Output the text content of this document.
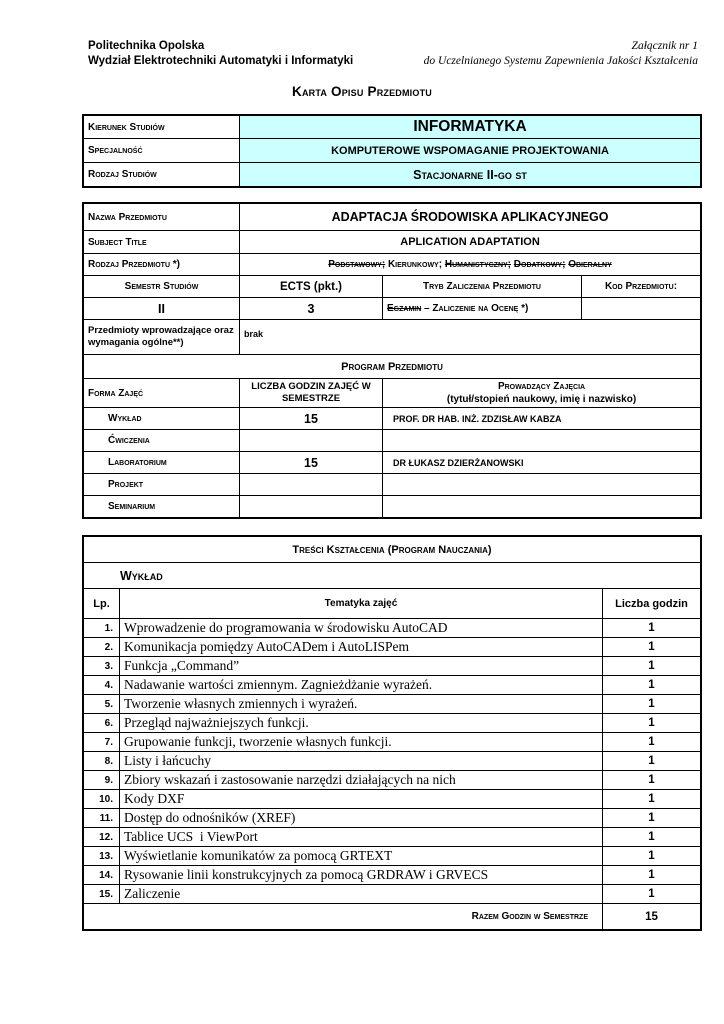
Politechnika Opolska
Wydział Elektrotechniki Automatyki i Informatyki
Załącznik nr 1
do Uczelnianego Systemu Zapewnienia Jakości Kształcenia
Karta Opisu Przedmiotu
Kierunek Studiów	INFORMATYKA
Specjalność	KOMPUTEROWE WSPOMAGANIE PROJEKTOWANIA
Rodzaj Studiów	Stacjonarne II-go st
Nazwa Przedmiotu	ADAPTACJA ŚRODOWISKA APLIKACYJNEGO		
Subject Title	APLICATION ADAPTATION		
Rodzaj Przedmiotu *)	Podstawowy; Kierunkowy; Humanistyczny; Dodatkowy; Obieralny		
Semestr Studiów	ECTS (pkt.)	Tryb Zaliczenia Przedmiotu	Kod Przedmiotu:
II	3	Egzamin – Zaliczenie na Ocenę *)	
Przedmioty wprowadzające oraz wymagania ogólne**)	brak		
Program Przedmiotu			
Forma Zajęć	LICZBA GODZIN ZAJĘĆ W SEMESTRZE	Prowadzący Zajęcia
(tytuł/stopień naukowy, imię i nazwisko)	

Wykład	15	PROF. DR HAB. INŻ. ZDZISŁAW KABZA	
Ćwiczenia			
Laboratorium	15	DR ŁUKASZ DZIERŻANOWSKI	
Projekt			
Seminarium			
Treści Kształcenia (Program Nauczania)		
Wykład		
Lp.	Tematyka zajęć	Liczba godzin
1.	Wprowadzenie do programowania w środowisku AutoCAD	1
2.	Komunikacja pomiędzy AutoCADem i AutoLISPem	1
3.	Funkcja „Command”	1
4.	Nadawanie wartości zmiennym. Zagnieżdżanie wyrażeń.	1
5.	Tworzenie własnych zmiennych i wyrażeń.	1
6.	Przegląd najważniejszych funkcji.	1
7.	Grupowanie funkcji, tworzenie własnych funkcji.	1
8.	Listy i łańcuchy	1
9.	Zbiory wskazań i zastosowanie narzędzi działających na nich	1
10.	Kody DXF	1
11.	Dostęp do odnośników (XREF)	1
12.	Tablice UCS  i ViewPort	1
13.	Wyświetlanie komunikatów za pomocą GRTEXT	1
14.	Rysowanie linii konstrukcyjnych za pomocą GRDRAW i GRVECS	1
15.	Zaliczenie	1
Razem Godzin w Semestrze		15
